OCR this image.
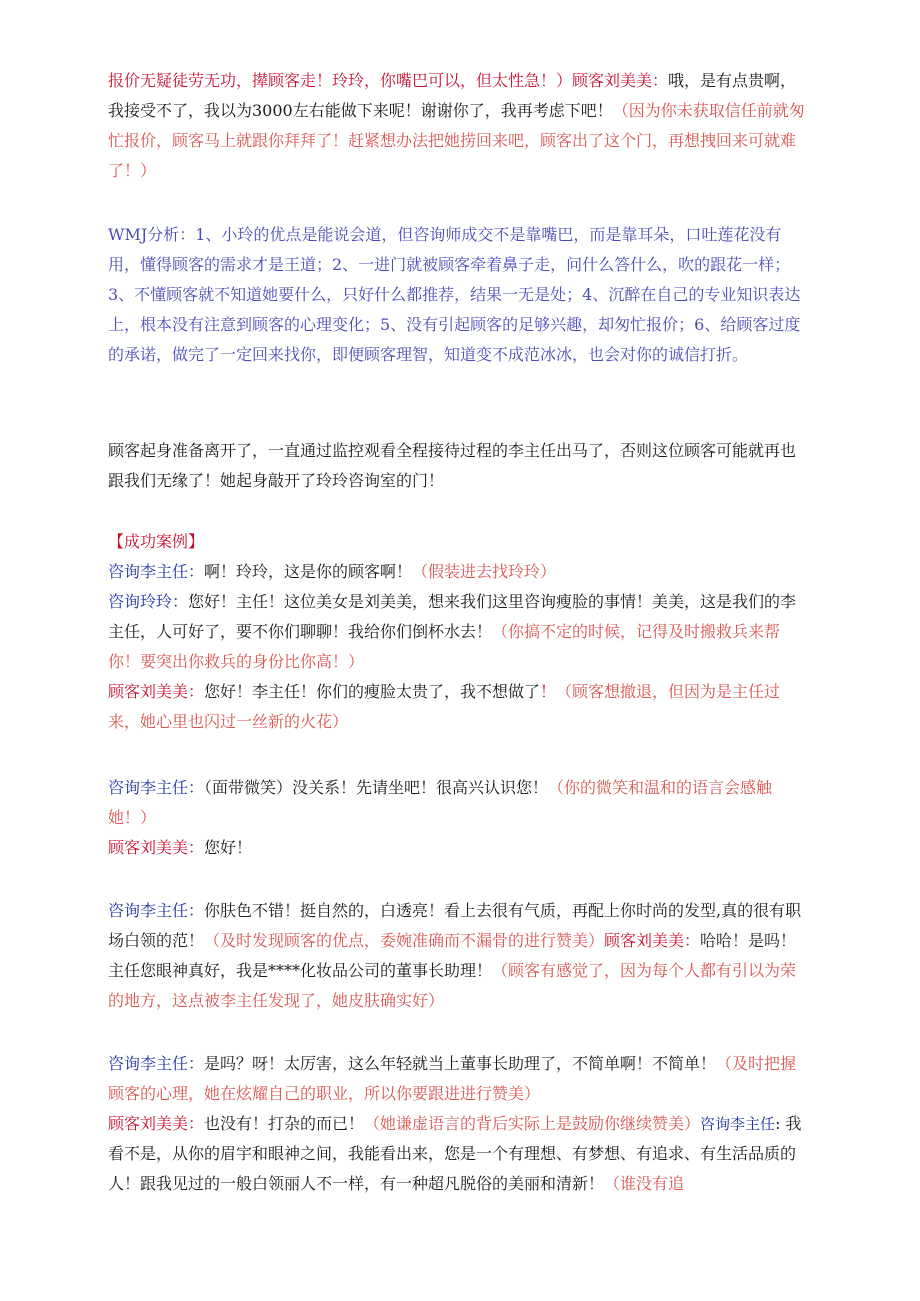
报价无疑徒劳无功，撵顾客走！玲玲，你嘴巴可以，但太性急！）顾客刘美美：哦，是有点贵啊，我接受不了，我以为3000左右能做下来呢！谢谢你了，我再考虑下吧！（因为你未获取信任前就匆忙报价，顾客马上就跟你拜拜了！赶紧想办法把她捞回来吧，顾客出了这个门，再想拽回来可就难了！）

WMJ分析：1、小玲的优点是能说会道，但咨询师成交不是靠嘴巴，而是靠耳朵，口吐莲花没有用，懂得顾客的需求才是王道；2、一进门就被顾客牵着鼻子走，问什么答什么，吹的跟花一样；3、不懂顾客就不知道她要什么，只好什么都推荐，结果一无是处；4、沉醉在自己的专业知识表达上，根本没有注意到顾客的心理变化；5、没有引起顾客的足够兴趣，却匆忙报价；6、给顾客过度的承诺，做完了一定回来找你，即便顾客理智，知道变不成范冰冰，也会对你的诚信打折。

顾客起身准备离开了，一直通过监控观看全程接待过程的李主任出马了，否则这位顾客可能就再也跟我们无缘了！她起身敲开了玲玲咨询室的门！

【成功案例】
咨询李主任：啊！玲玲，这是你的顾客啊！（假装进去找玲玲）
咨询玲玲：您好！主任！这位美女是刘美美，想来我们这里咨询瘦脸的事情！美美，这是我们的李主任，人可好了，要不你们聊聊！我给你们倒杯水去！（你搞不定的时候，记得及时搬救兵来帮你！要突出你救兵的身份比你高！）
顾客刘美美：您好！李主任！你们的瘦脸太贵了，我不想做了！（顾客想撤退，但因为是主任过来，她心里也闪过一丝新的火花）

咨询李主任：（面带微笑）没关系！先请坐吧！很高兴认识您！（你的微笑和温和的语言会感触她！）
顾客刘美美：您好！

咨询李主任：你肤色不错！挺自然的，白透亮！看上去很有气质，再配上你时尚的发型,真的很有职场白领的范！（及时发现顾客的优点，委婉准确而不漏骨的进行赞美）顾客刘美美：哈哈！是吗！主任您眼神真好，我是****化妆品公司的董事长助理！（顾客有感觉了，因为每个人都有引以为荣的地方，这点被李主任发现了，她皮肤确实好）

咨询李主任：是吗？呀！太厉害，这么年轻就当上董事长助理了，不简单啊！不简单！（及时把握顾客的心理，她在炫耀自己的职业，所以你要跟进进行赞美）
顾客刘美美：也没有！打杂的而已！（她谦虚语言的背后实际上是鼓励你继续赞美）咨询李主任: 我看不是，从你的眉宇和眼神之间，我能看出来，您是一个有理想、有梦想、有追求、有生活品质的人！跟我见过的一般白领丽人不一样，有一种超凡脱俗的美丽和清新！（谁没有追
